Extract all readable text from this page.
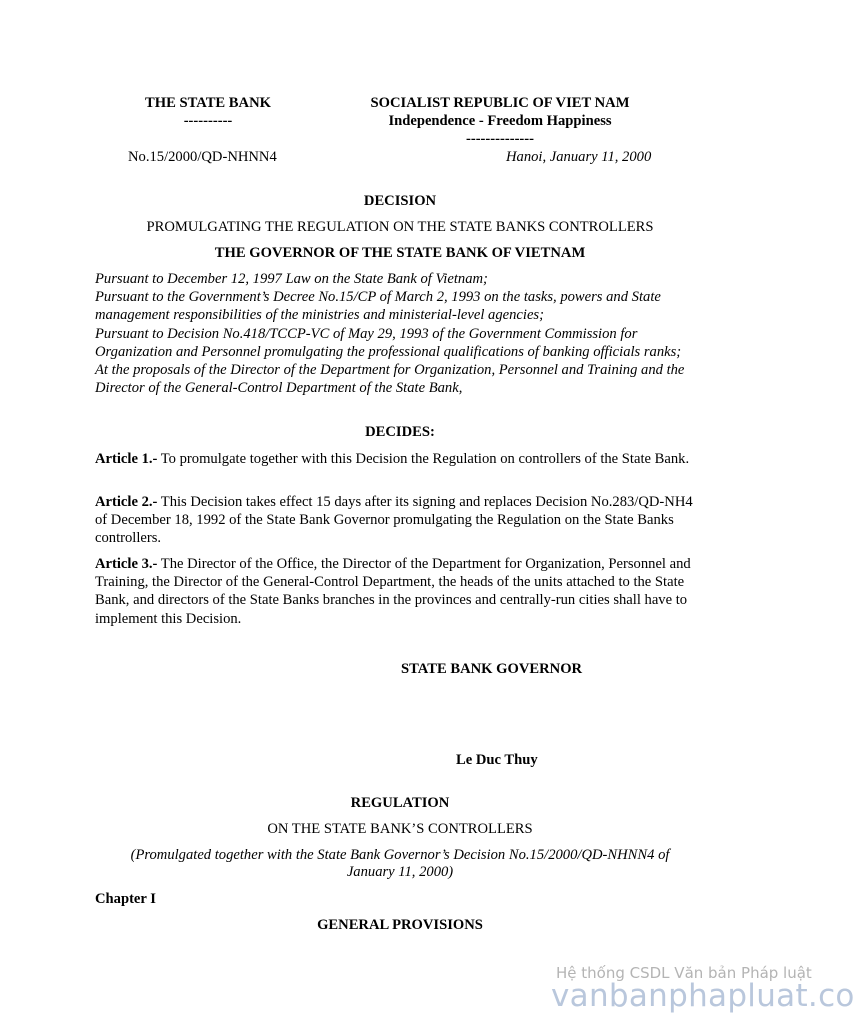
THE STATE BANK
----------
SOCIALIST REPUBLIC OF VIET NAM
Independence - Freedom Happiness
--------------
No.15/2000/QD-NHNN4	Hanoi, January 11, 2000
DECISION
PROMULGATING THE REGULATION ON THE STATE BANKS CONTROLLERS
THE GOVERNOR OF THE STATE BANK OF VIETNAM
Pursuant to December 12, 1997 Law on the State Bank of Vietnam;
Pursuant to the Government’s Decree No.15/CP of March 2, 1993 on the tasks, powers and State management responsibilities of the ministries and ministerial-level agencies;
Pursuant to Decision No.418/TCCP-VC of May 29, 1993 of the Government Commission for Organization and Personnel promulgating the professional qualifications of banking officials ranks;
At the proposals of the Director of the Department for Organization, Personnel and Training and the Director of the General-Control Department of the State Bank,
DECIDES:
Article 1.- To promulgate together with this Decision the Regulation on controllers of the State Bank.
Article 2.- This Decision takes effect 15 days after its signing and replaces Decision No.283/QD-NH4 of December 18, 1992 of the State Bank Governor promulgating the Regulation on the State Banks controllers.
Article 3.- The Director of the Office, the Director of the Department for Organization, Personnel and Training, the Director of the General-Control Department, the heads of the units attached to the State Bank, and directors of the State Banks branches in the provinces and centrally-run cities shall have to implement this Decision.
STATE BANK GOVERNOR
Le Duc Thuy
REGULATION
ON THE STATE BANK’S CONTROLLERS
(Promulgated together with the State Bank Governor’s Decision No.15/2000/QD-NHNN4 of
January 11, 2000)
Chapter I
GENERAL PROVISIONS
Hệ thống CSDL Văn bản Pháp luật
vanbanphapluat.co
